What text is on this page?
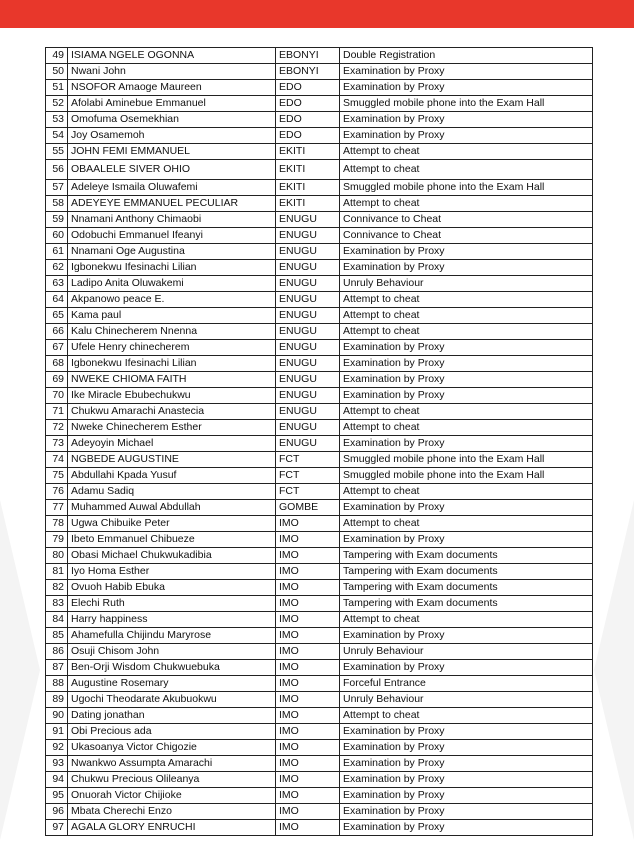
49	ISIAMA NGELE OGONNA	EBONYI	Double Registration
50	Nwani John	EBONYI	Examination by Proxy
51	NSOFOR Amaoge Maureen	EDO	Examination by Proxy
52	Afolabi Aminebue Emmanuel	EDO	Smuggled mobile phone into the Exam Hall
53	Omofuma Osemekhian	EDO	Examination by Proxy
54	Joy Osamemoh	EDO	Examination by Proxy
55	JOHN FEMI EMMANUEL	EKITI	Attempt to cheat
56	OBAALELE SIVER OHIO	EKITI	Attempt to cheat
57	Adeleye Ismaila Oluwafemi	EKITI	Smuggled mobile phone into the Exam Hall
58	ADEYEYE EMMANUEL PECULIAR	EKITI	Attempt to cheat
59	Nnamani Anthony Chimaobi	ENUGU	Connivance to Cheat
60	Odobuchi Emmanuel Ifeanyi	ENUGU	Connivance to Cheat
61	Nnamani Oge Augustina	ENUGU	Examination by Proxy
62	Igbonekwu Ifesinachi Lilian	ENUGU	Examination by Proxy
63	Ladipo Anita Oluwakemi	ENUGU	Unruly Behaviour
64	Akpanowo peace E.	ENUGU	Attempt to cheat
65	Kama paul	ENUGU	Attempt to cheat
66	Kalu Chinecherem Nnenna	ENUGU	Attempt to cheat
67	Ufele Henry chinecherem	ENUGU	Examination by Proxy
68	Igbonekwu Ifesinachi Lilian	ENUGU	Examination by Proxy
69	NWEKE CHIOMA FAITH	ENUGU	Examination by Proxy
70	Ike Miracle Ebubechukwu	ENUGU	Examination by Proxy
71	Chukwu Amarachi Anastecia	ENUGU	Attempt to cheat
72	Nweke Chinecherem Esther	ENUGU	Attempt to cheat
73	Adeyoyin Michael	ENUGU	Examination by Proxy
74	NGBEDE AUGUSTINE	FCT	Smuggled mobile phone into the Exam Hall
75	Abdullahi Kpada Yusuf	FCT	Smuggled mobile phone into the Exam Hall
76	Adamu Sadiq	FCT	Attempt to cheat
77	Muhammed Auwal Abdullah	GOMBE	Examination by Proxy
78	Ugwa Chibuike Peter	IMO	Attempt to cheat
79	Ibeto Emmanuel Chibueze	IMO	Examination by Proxy
80	Obasi Michael Chukwukadibia	IMO	Tampering with Exam documents
81	Iyo Homa Esther	IMO	Tampering with Exam documents
82	Ovuoh Habib Ebuka	IMO	Tampering with Exam documents
83	Elechi Ruth	IMO	Tampering with Exam documents
84	Harry happiness	IMO	Attempt to cheat
85	Ahamefulla Chijindu Maryrose	IMO	Examination by Proxy
86	Osuji Chisom John	IMO	Unruly Behaviour
87	Ben-Orji Wisdom Chukwuebuka	IMO	Examination by Proxy
88	Augustine Rosemary	IMO	Forceful Entrance
89	Ugochi Theodarate Akubuokwu	IMO	Unruly Behaviour
90	Dating jonathan	IMO	Attempt to cheat
91	Obi Precious ada	IMO	Examination by Proxy
92	Ukasoanya Victor Chigozie	IMO	Examination by Proxy
93	Nwankwo Assumpta Amarachi	IMO	Examination by Proxy
94	Chukwu Precious Olileanya	IMO	Examination by Proxy
95	Onuorah Victor Chijioke	IMO	Examination by Proxy
96	Mbata Cherechi Enzo	IMO	Examination by Proxy
97	AGALA GLORY ENRUCHI	IMO	Examination by Proxy
